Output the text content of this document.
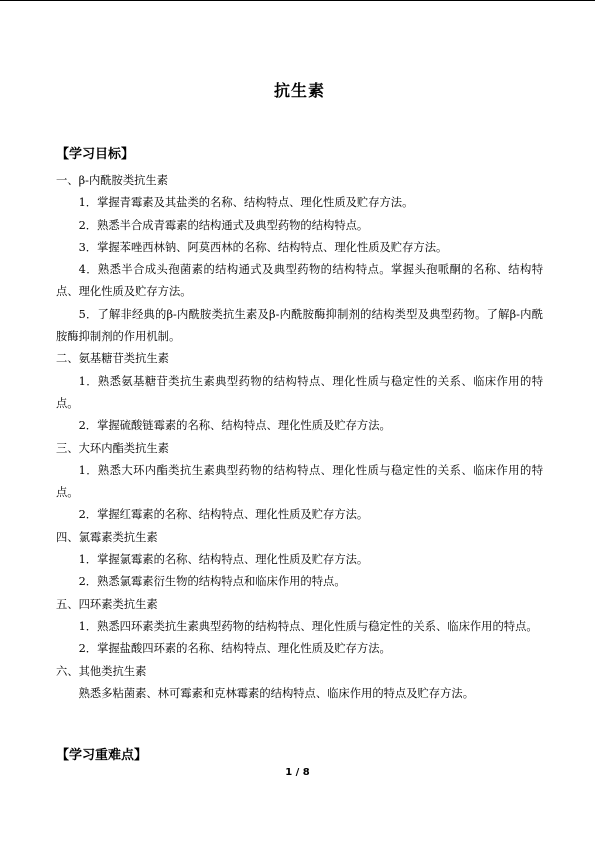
抗生素
【学习目标】
一、β-内酰胺类抗生素
1．掌握青霉素及其盐类的名称、结构特点、理化性质及贮存方法。
2．熟悉半合成青霉素的结构通式及典型药物的结构特点。
3．掌握苯唑西林钠、阿莫西林的名称、结构特点、理化性质及贮存方法。
4．熟悉半合成头孢菌素的结构通式及典型药物的结构特点。掌握头孢哌酮的名称、结构特点、理化性质及贮存方法。
5．了解非经典的β-内酰胺类抗生素及β-内酰胺酶抑制剂的结构类型及典型药物。了解β-内酰胺酶抑制剂的作用机制。
二、氨基糖苷类抗生素
1．熟悉氨基糖苷类抗生素典型药物的结构特点、理化性质与稳定性的关系、临床作用的特点。
2．掌握硫酸链霉素的名称、结构特点、理化性质及贮存方法。
三、大环内酯类抗生素
1．熟悉大环内酯类抗生素典型药物的结构特点、理化性质与稳定性的关系、临床作用的特点。
2．掌握红霉素的名称、结构特点、理化性质及贮存方法。
四、氯霉素类抗生素
1．掌握氯霉素的名称、结构特点、理化性质及贮存方法。
2．熟悉氯霉素衍生物的结构特点和临床作用的特点。
五、四环素类抗生素
1．熟悉四环素类抗生素典型药物的结构特点、理化性质与稳定性的关系、临床作用的特点。
2．掌握盐酸四环素的名称、结构特点、理化性质及贮存方法。
六、其他类抗生素
熟悉多粘菌素、林可霉素和克林霉素的结构特点、临床作用的特点及贮存方法。
【学习重难点】
1 / 8
